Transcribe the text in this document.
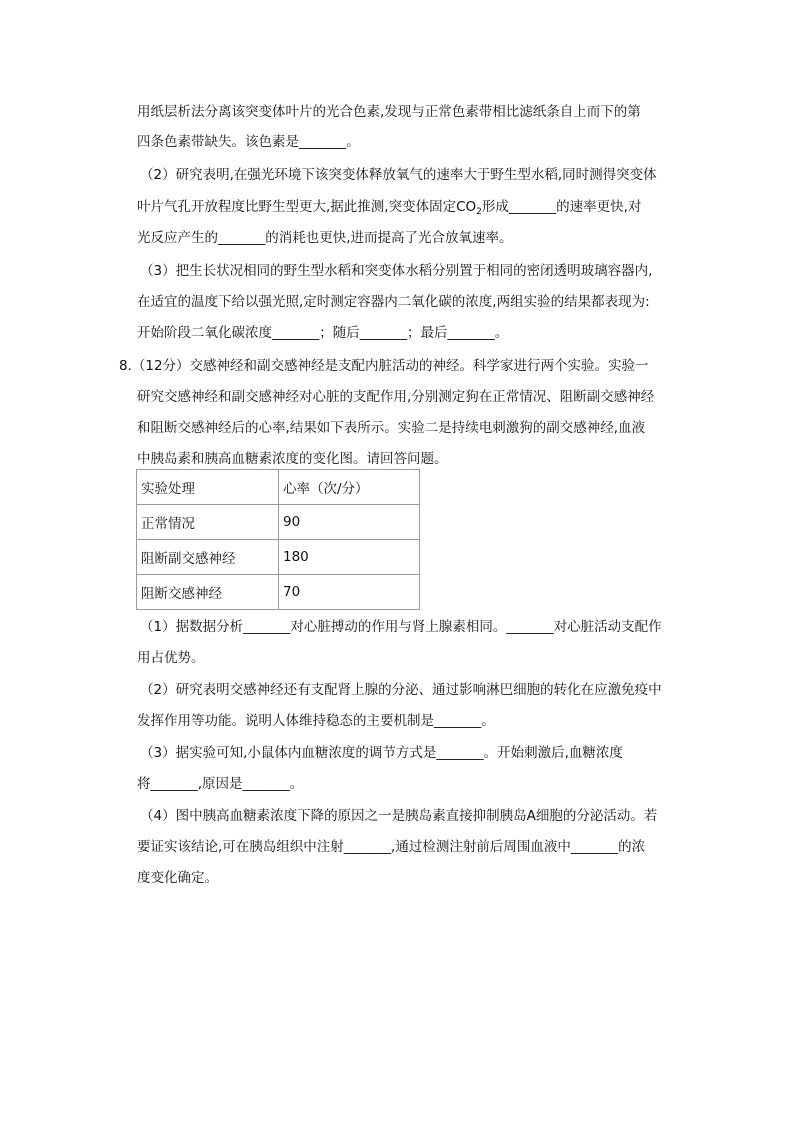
用纸层析法分离该突变体叶片的光合色素,发现与正常色素带相比滤纸条自上而下的第
四条色素带缺失。该色素是_______。
（2）研究表明,在强光环境下该突变体释放氧气的速率大于野生型水稻,同时测得突变体
叶片气孔开放程度比野生型更大,据此推测,突变体固定$CO_2$形成_______的速率更快,对
光反应产生的_______的消耗也更快,进而提高了光合放氧速率。
（3）把生长状况相同的野生型水稻和突变体水稻分别置于相同的密闭透明玻璃容器内,
在适宜的温度下给以强光照,定时测定容器内二氧化碳的浓度,两组实验的结果都表现为:
开始阶段二氧化碳浓度_______；随后_______；最后_______。
8.（12分）交感神经和副交感神经是支配内脏活动的神经。科学家进行两个实验。实验一
研究交感神经和副交感神经对心脏的支配作用,分别测定狗在正常情况、阻断副交感神经
和阻断交感神经后的心率,结果如下表所示。实验二是持续电刺激狗的副交感神经,血液
中胰岛素和胰高血糖素浓度的变化图。请回答问题。
实验处理	心率（次/分）
正常情况	90
阻断副交感神经	180
阻断交感神经	70
（1）据数据分析_______对心脏搏动的作用与肾上腺素相同。_______对心脏活动支配作
用占优势。
（2）研究表明交感神经还有支配肾上腺的分泌、通过影响淋巴细胞的转化在应激免疫中
发挥作用等功能。说明人体维持稳态的主要机制是_______。
（3）据实验可知,小鼠体内血糖浓度的调节方式是_______。开始刺激后,血糖浓度
将_______,原因是_______。
（4）图中胰高血糖素浓度下降的原因之一是胰岛素直接抑制胰岛A细胞的分泌活动。若
要证实该结论,可在胰岛组织中注射_______,通过检测注射前后周围血液中_______的浓
度变化确定。
